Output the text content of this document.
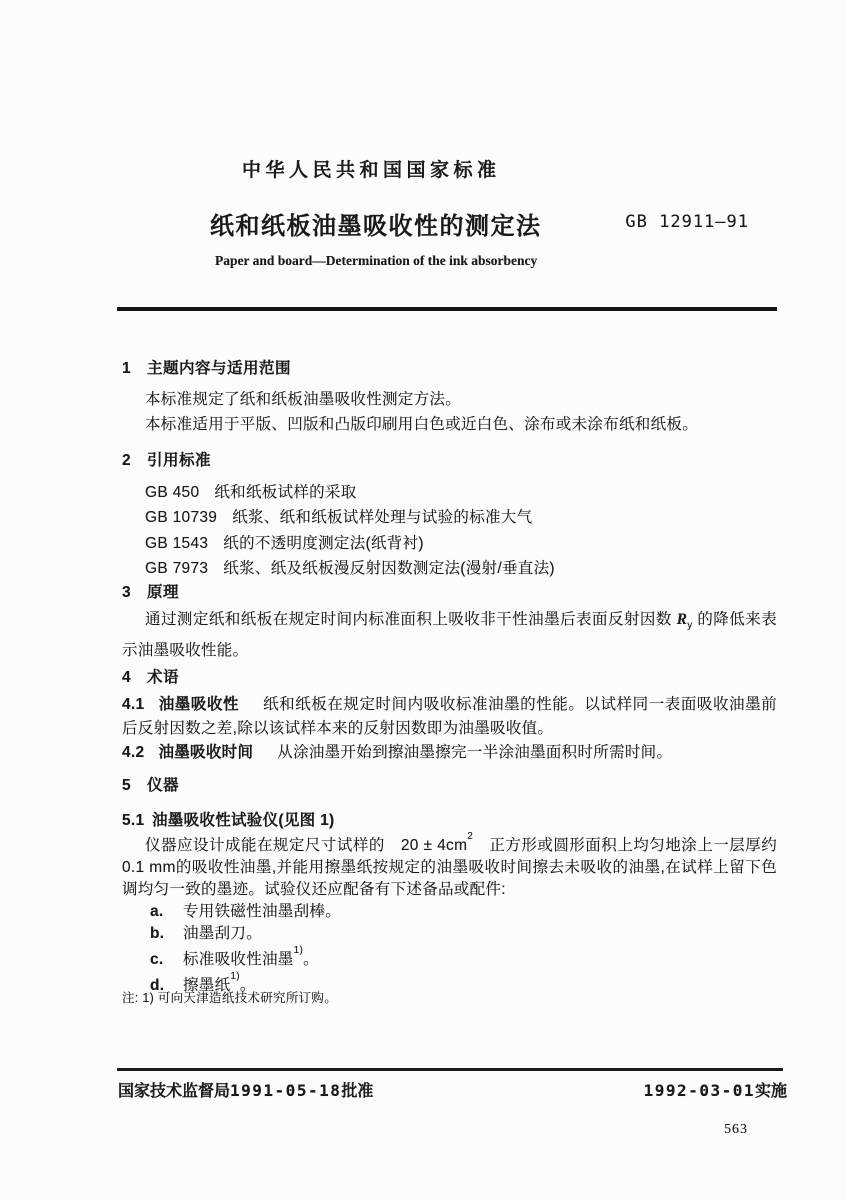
中华人民共和国国家标准
纸和纸板油墨吸收性的测定法	GB 12911—91
Paper and board—Determination of the ink absorbency
1 主题内容与适用范围
本标准规定了纸和纸板油墨吸收性测定方法。
本标准适用于平版、凹版和凸版印刷用白色或近白色、涂布或未涂布纸和纸板。
2 引用标准
GB 450 纸和纸板试样的采取
GB 10739 纸浆、纸和纸板试样处理与试验的标准大气
GB 1543 纸的不透明度测定法(纸背衬)
GB 7973 纸浆、纸及纸板漫反射因数测定法(漫射/垂直法)
3 原理
通过测定纸和纸板在规定时间内标准面积上吸收非干性油墨后表面反射因数 $R_y$ 的降低来表示油墨吸收性能。
4 术语
4.1 油墨吸收性 纸和纸板在规定时间内吸收标准油墨的性能。以试样同一表面吸收油墨前后反射因数之差,除以该试样本来的反射因数即为油墨吸收值。
4.2 油墨吸收时间 从涂油墨开始到擦油墨擦完一半涂油墨面积时所需时间。
5 仪器
5.1 油墨吸收性试验仪(见图 1)
仪器应设计成能在规定尺寸试样的　20 ± 4cm$^2$　正方形或圆形面积上均匀地涂上一层厚约0.1 mm的吸收性油墨,并能用擦墨纸按规定的油墨吸收时间擦去未吸收的油墨,在试样上留下色调均匀一致的墨迹。试验仪还应配备有下述备品或配件:
a. 专用铁磁性油墨刮棒。
b. 油墨刮刀。
c. 标准吸收性油墨$^{1)}$。
d. 擦墨纸$^{1)}$。
注: 1) 可向天津造纸技术研究所订购。
国家技术监督局1991-05-18批准	1992-03-01实施
563
